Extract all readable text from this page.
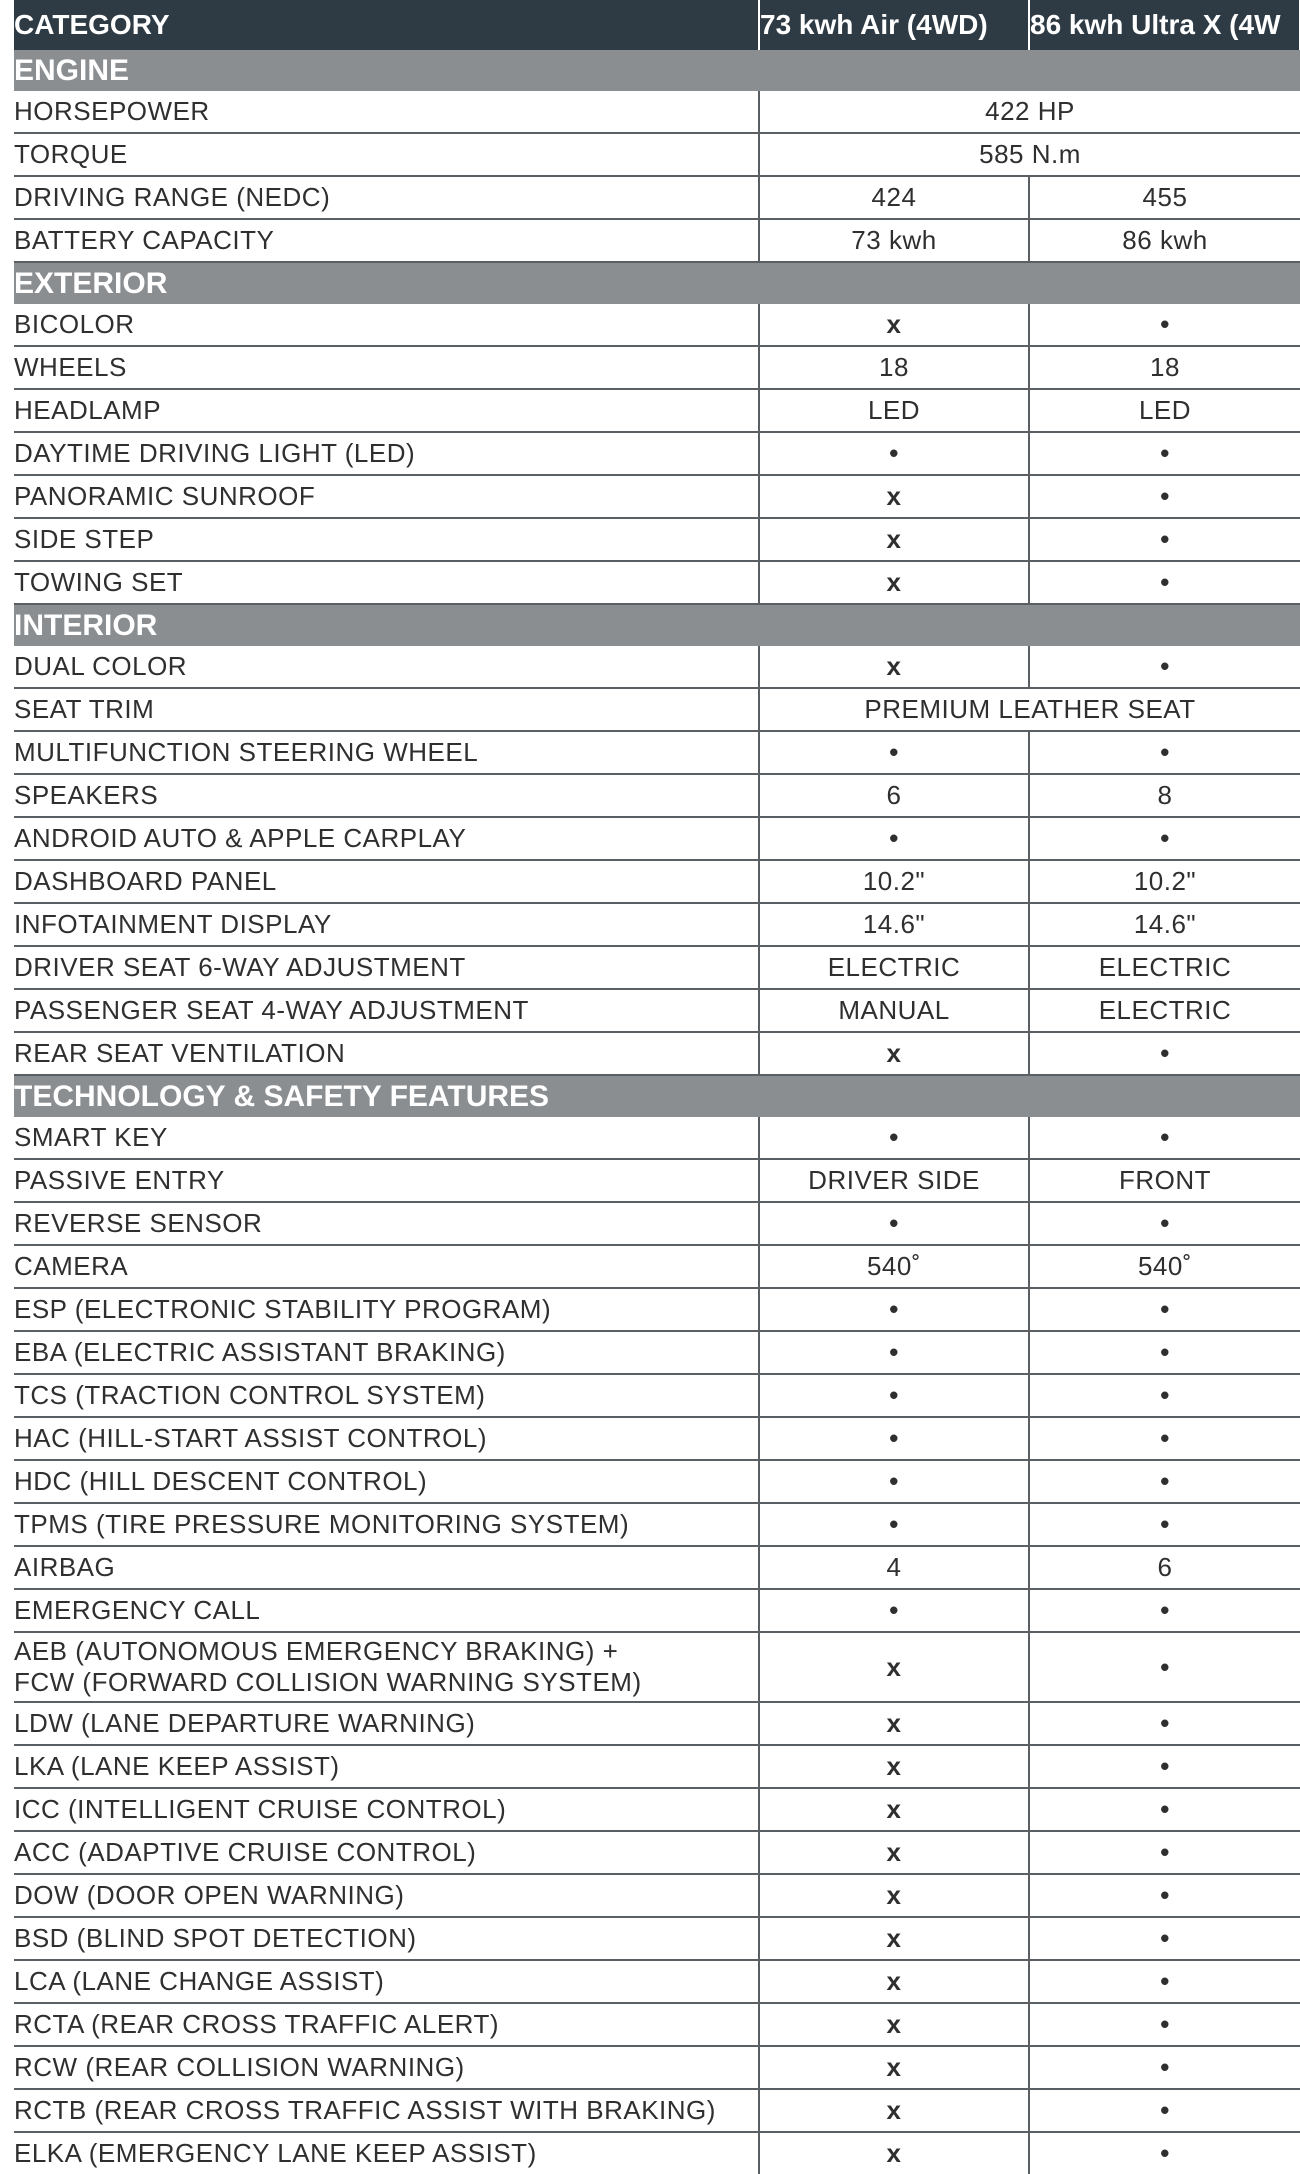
CATEGORY	73 kwh Air (4WD)	86 kwh Ultra X (4W
ENGINE		
HORSEPOWER	422 HP	
TORQUE	585 N.m	
DRIVING RANGE (NEDC)	424	455
BATTERY CAPACITY	73 kwh	86 kwh
EXTERIOR		
BICOLOR	x	•
WHEELS	18	18
HEADLAMP	LED	LED
DAYTIME DRIVING LIGHT (LED)	•	•
PANORAMIC SUNROOF	x	•
SIDE STEP	x	•
TOWING SET	x	•
INTERIOR		
DUAL COLOR	x	•
SEAT TRIM	PREMIUM LEATHER SEAT	
MULTIFUNCTION STEERING WHEEL	•	•
SPEAKERS	6	8
ANDROID AUTO & APPLE CARPLAY	•	•
DASHBOARD PANEL	10.2"	10.2"
INFOTAINMENT DISPLAY	14.6"	14.6"
DRIVER SEAT 6-WAY ADJUSTMENT	ELECTRIC	ELECTRIC
PASSENGER SEAT 4-WAY ADJUSTMENT	MANUAL	ELECTRIC
REAR SEAT VENTILATION	x	•
TECHNOLOGY & SAFETY FEATURES		
SMART KEY	•	•
PASSIVE ENTRY	DRIVER SIDE	FRONT
REVERSE SENSOR	•	•
CAMERA	540˚	540˚
ESP (ELECTRONIC STABILITY PROGRAM)	•	•
EBA (ELECTRIC ASSISTANT BRAKING)	•	•
TCS (TRACTION CONTROL SYSTEM)	•	•
HAC (HILL-START ASSIST CONTROL)	•	•
HDC (HILL DESCENT CONTROL)	•	•
TPMS (TIRE PRESSURE MONITORING SYSTEM)	•	•
AIRBAG	4	6
EMERGENCY CALL	•	•

AEB (AUTONOMOUS EMERGENCY BRAKING) +
FCW (FORWARD COLLISION WARNING SYSTEM)	x	•
LDW (LANE DEPARTURE WARNING)	x	•
LKA (LANE KEEP ASSIST)	x	•
ICC (INTELLIGENT CRUISE CONTROL)	x	•
ACC (ADAPTIVE CRUISE CONTROL)	x	•
DOW (DOOR OPEN WARNING)	x	•
BSD (BLIND SPOT DETECTION)	x	•
LCA (LANE CHANGE ASSIST)	x	•
RCTA (REAR CROSS TRAFFIC ALERT)	x	•
RCW (REAR COLLISION WARNING)	x	•
RCTB (REAR CROSS TRAFFIC ASSIST WITH BRAKING)	x	•
ELKA (EMERGENCY LANE KEEP ASSIST)	x	•
